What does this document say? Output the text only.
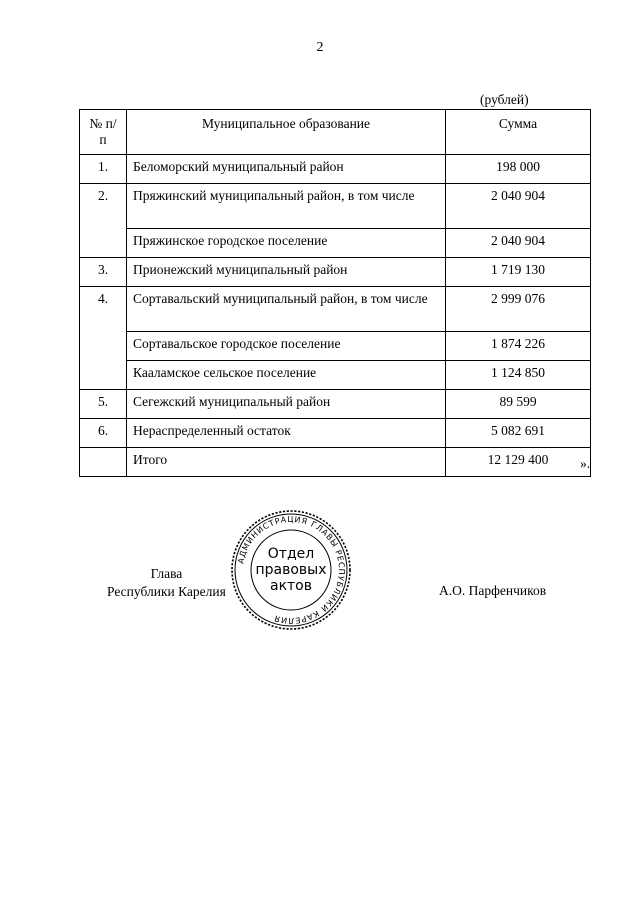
2
(рублей)
№ п/п	Муниципальное образование	Сумма
1.	Беломорский муниципальный район	198 000
2.	Пряжинский муниципальный район, в том числе	2 040 904
	Пряжинское городское поселение	2 040 904
3.	Прионежский муниципальный район	1 719 130
4.	Сортавальский муниципальный район, в том числе	2 999 076
	Сортавальское городское поселение	1 874 226
	Кааламское сельское поселение	1 124 850
5.	Сегежский муниципальный район	89 599
6.	Нераспределенный остаток	5 082 691
	Итого	12 129 400 ».
Глава
Республики Карелия
АДМИНИСТРАЦИЯ ГЛАВЫ РЕСПУБЛИКИ КАРЕЛИЯ
Отдел
правовых
актов	А.О. Парфенчиков
